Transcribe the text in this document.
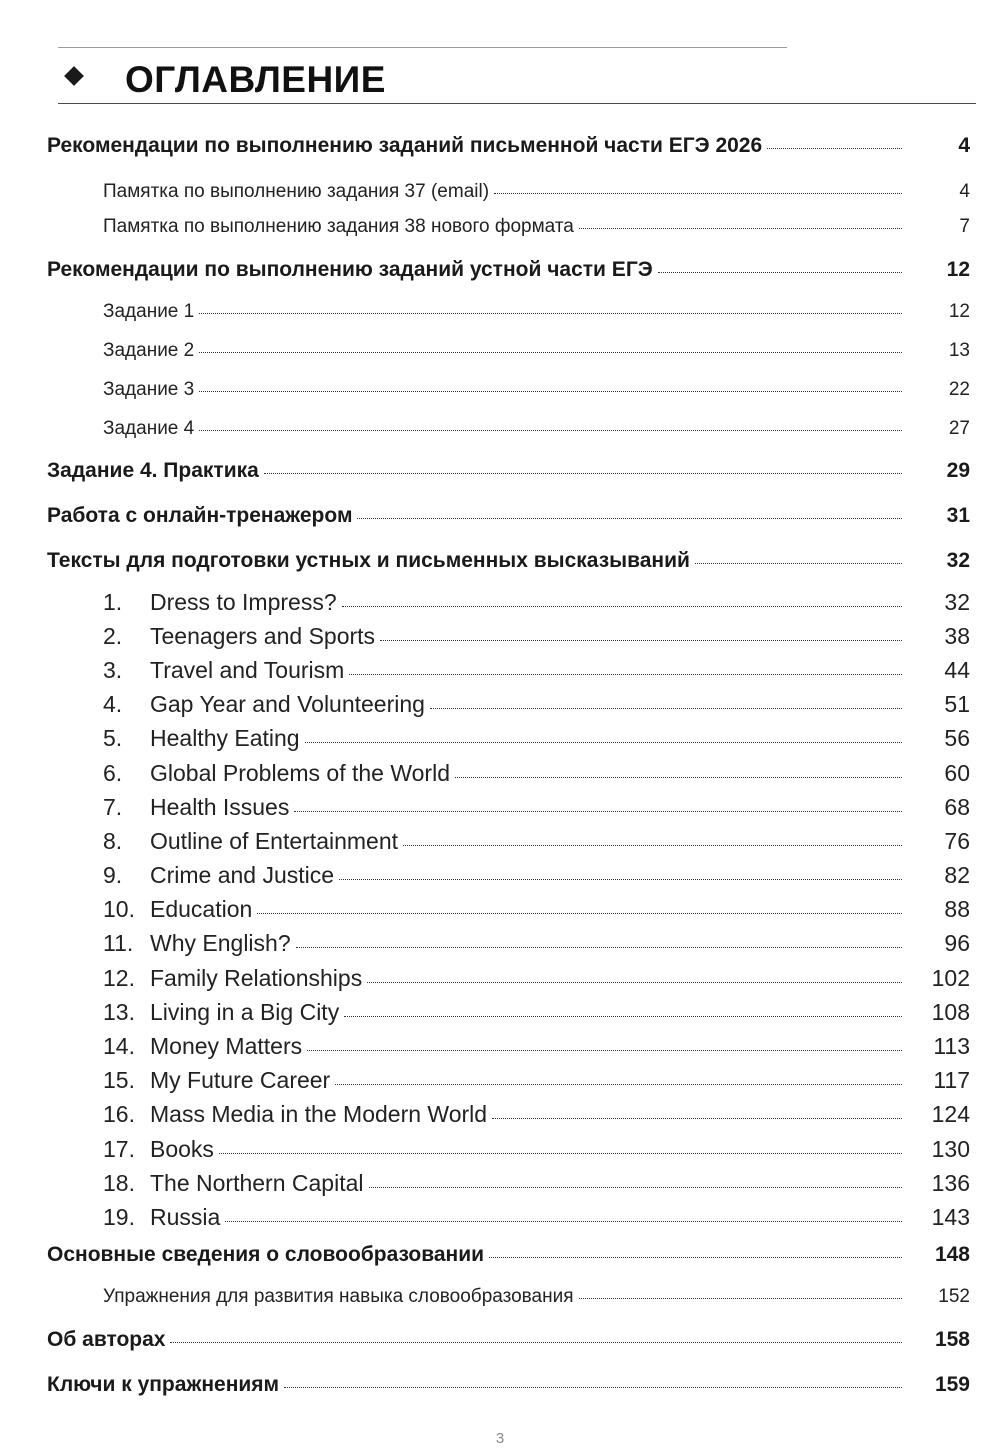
ОГЛАВЛЕНИЕ
Рекомендации по выполнению заданий письменной части ЕГЭ 2026	4
Памятка по выполнению задания 37 (email)	4
Памятка по выполнению задания 38 нового формата	7
Рекомендации по выполнению заданий устной части ЕГЭ	12
Задание 1	12
Задание 2	13
Задание 3	22
Задание 4	27
Задание 4. Практика	29
Работа с онлайн-тренажером	31
Тексты для подготовки устных и письменных высказываний	32
1. Dress to Impress?	32
2. Teenagers and Sports	38
3. Travel and Tourism	44
4. Gap Year and Volunteering	51
5. Healthy Eating	56
6. Global Problems of the World	60
7. Health Issues	68
8. Outline of Entertainment	76
9. Crime and Justice	82
10. Education	88
11. Why English?	96
12. Family Relationships	102
13. Living in a Big City	108
14. Money Matters	113
15. My Future Career	117
16. Mass Media in the Modern World	124
17. Books	130
18. The Northern Capital	136
19. Russia	143
Основные сведения о словообразовании	148
Упражнения для развития навыка словообразования	152
Об авторах	158
Ключи к упражнениям	159
3
